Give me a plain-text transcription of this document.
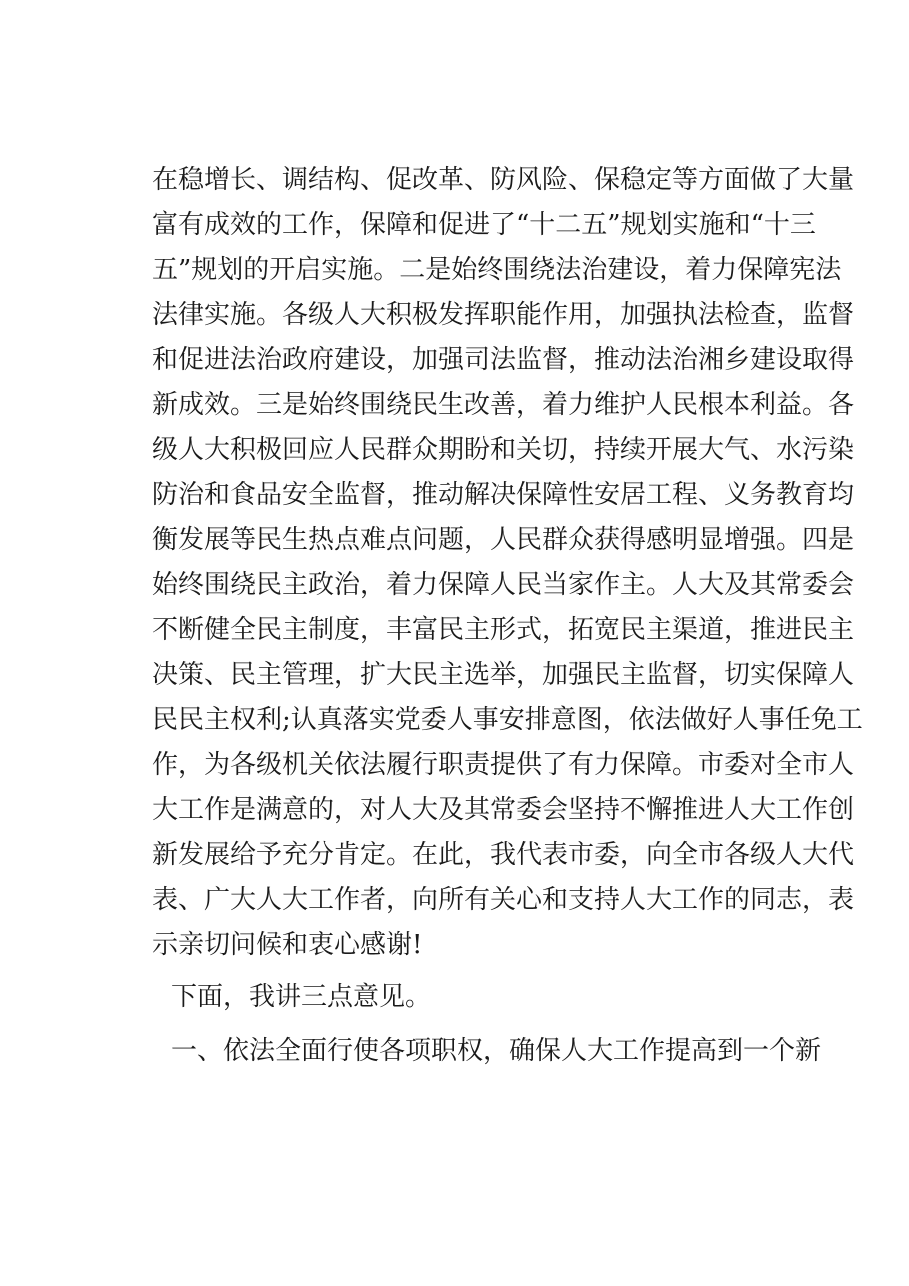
在稳增长、调结构、促改革、防风险、保稳定等方面做了大量
富有成效的工作，保障和促进了“十二五”规划实施和“十三
五”规划的开启实施。二是始终围绕法治建设，着力保障宪法
法律实施。各级人大积极发挥职能作用，加强执法检查，监督
和促进法治政府建设，加强司法监督，推动法治湘乡建设取得
新成效。三是始终围绕民生改善，着力维护人民根本利益。各
级人大积极回应人民群众期盼和关切，持续开展大气、水污染
防治和食品安全监督，推动解决保障性安居工程、义务教育均
衡发展等民生热点难点问题，人民群众获得感明显增强。四是
始终围绕民主政治，着力保障人民当家作主。人大及其常委会
不断健全民主制度，丰富民主形式，拓宽民主渠道，推进民主
决策、民主管理，扩大民主选举，加强民主监督，切实保障人
民民主权利;认真落实党委人事安排意图，依法做好人事任免工
作，为各级机关依法履行职责提供了有力保障。市委对全市人
大工作是满意的，对人大及其常委会坚持不懈推进人大工作创
新发展给予充分肯定。在此，我代表市委，向全市各级人大代
表、广大人大工作者，向所有关心和支持人大工作的同志，表
示亲切问候和衷心感谢!
下面，我讲三点意见。
一、依法全面行使各项职权，确保人大工作提高到一个新
